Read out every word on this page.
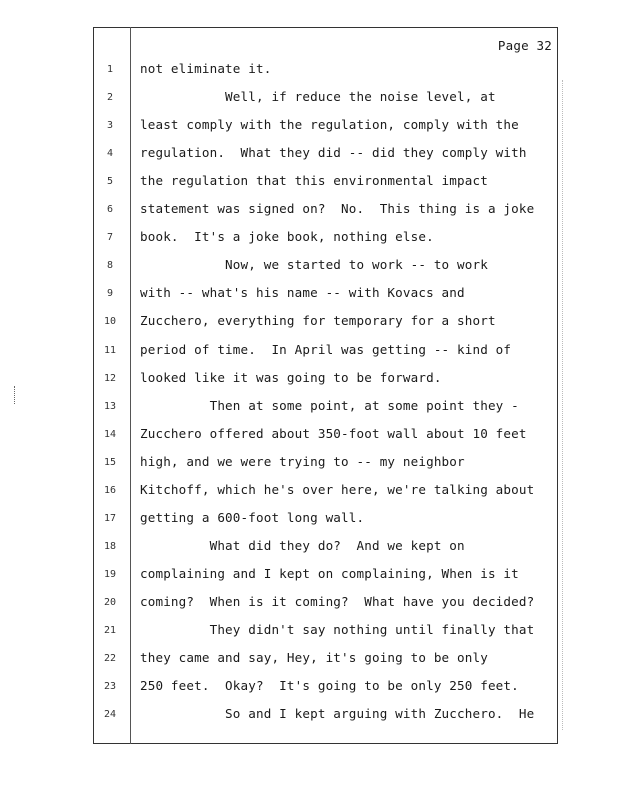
Page 32
1	not eliminate it.
2	Well, if reduce the noise level, at
3	least comply with the regulation, comply with the
4	regulation.  What they did -- did they comply with
5	the regulation that this environmental impact
6	statement was signed on?  No.  This thing is a joke
7	book.  It's a joke book, nothing else.
8	Now, we started to work -- to work
9	with -- what's his name -- with Kovacs and
10 Zucchero, everything for temporary for a short
11 period of time.  In April was getting -- kind of
12 looked like it was going to be forward.
13 Then at some point, at some point they -
14 Zucchero offered about 350-foot wall about 10 feet
15 high, and we were trying to -- my neighbor
16 Kitchoff, which he's over here, we're talking about
17 getting a 600-foot long wall.
18 What did they do?  And we kept on
19 complaining and I kept on complaining, When is it
20 coming?  When is it coming?  What have you decided?
21 They didn't say nothing until finally that
22 they came and say, Hey, it's going to be only
23 250 feet.  Okay?  It's going to be only 250 feet.
24 So and I kept arguing with Zucchero.  He
